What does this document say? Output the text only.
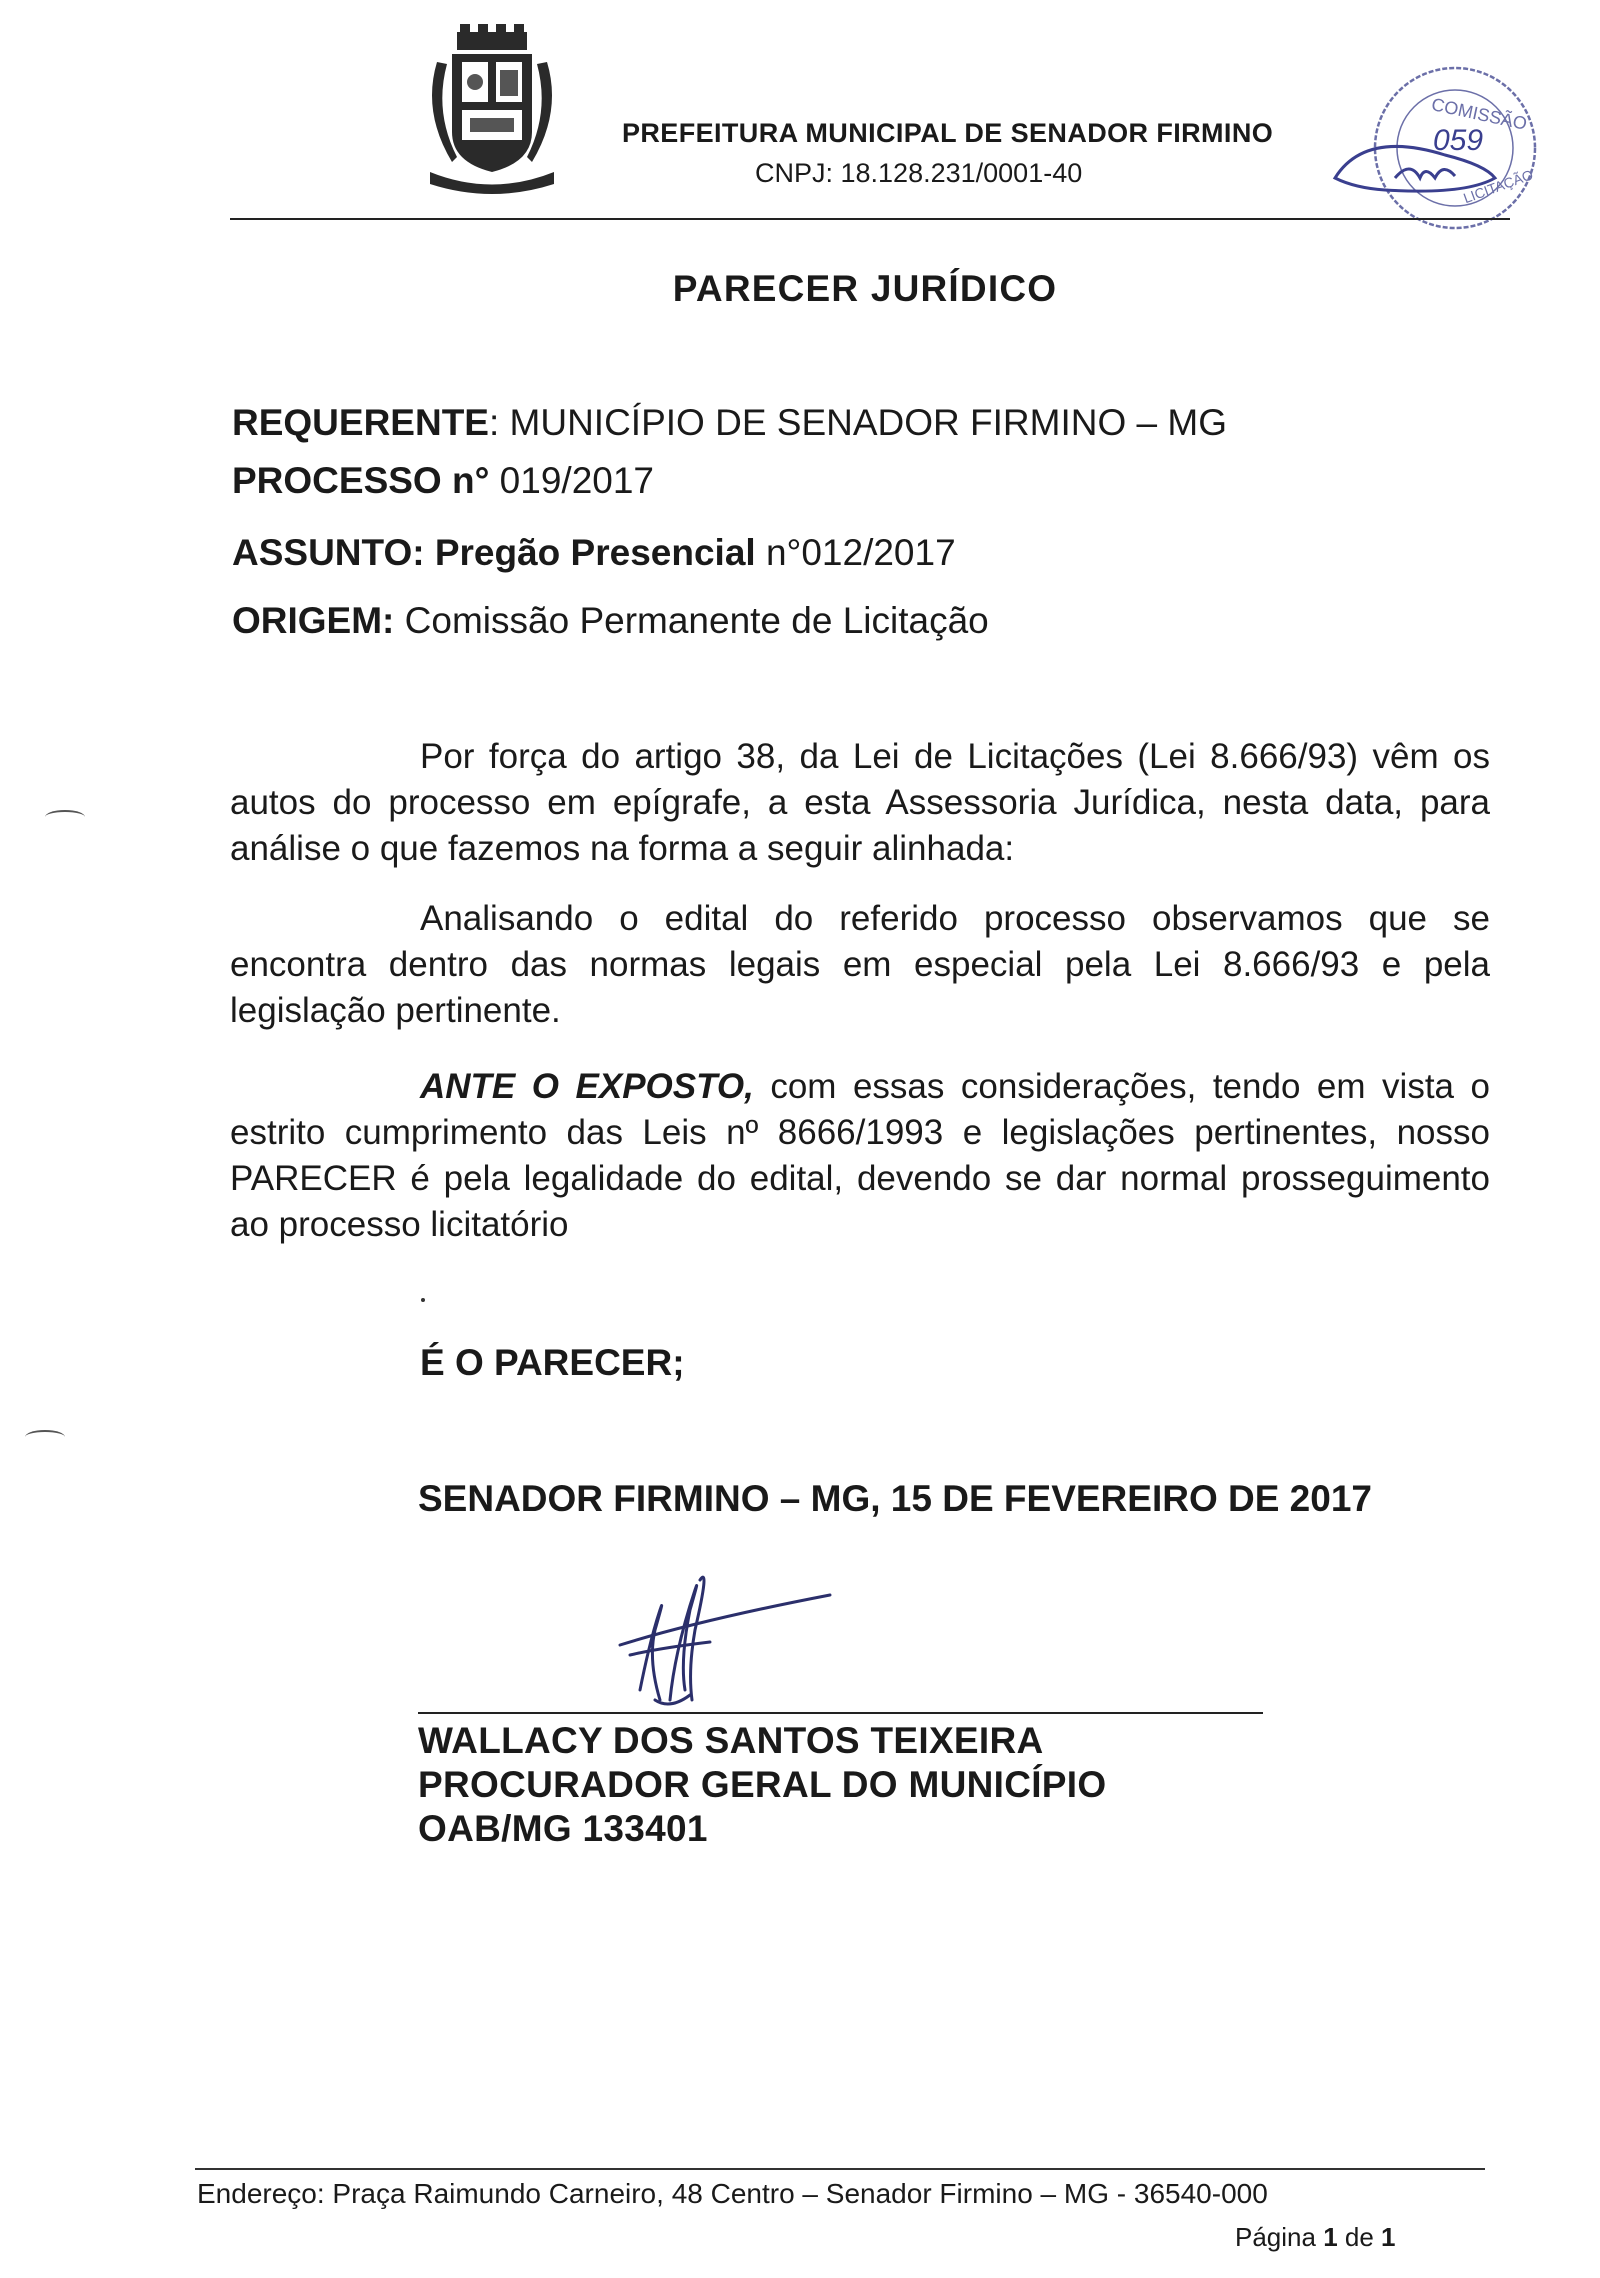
PREFEITURA MUNICIPAL DE SENADOR FIRMINO
CNPJ: 18.128.231/0001-40
COMISSÃO
LICITAÇÃO
059
PARECER JURÍDICO
REQUERENTE: MUNICÍPIO DE SENADOR FIRMINO – MG
PROCESSO n° 019/2017
ASSUNTO: Pregão Presencial n°012/2017
ORIGEM: Comissão Permanente de Licitação
Por força do artigo 38, da Lei de Licitações (Lei 8.666/93) vêm os autos do processo em epígrafe, a esta Assessoria Jurídica, nesta data, para análise o que fazemos na forma a seguir alinhada:
Analisando o edital do referido processo observamos que se encontra dentro das normas legais em especial pela Lei 8.666/93 e pela legislação pertinente.
ANTE O EXPOSTO, com essas considerações, tendo em vista o estrito cumprimento das Leis nº 8666/1993 e legislações pertinentes, nosso PARECER é pela legalidade do edital, devendo se dar normal prosseguimento ao processo licitatório
É O PARECER;
SENADOR FIRMINO – MG, 15 DE FEVEREIRO DE 2017
WALLACY DOS SANTOS TEIXEIRA
PROCURADOR GERAL DO MUNICÍPIO
OAB/MG 133401
Endereço: Praça Raimundo Carneiro, 48 Centro – Senador Firmino – MG - 36540-000
Página 1 de 1
